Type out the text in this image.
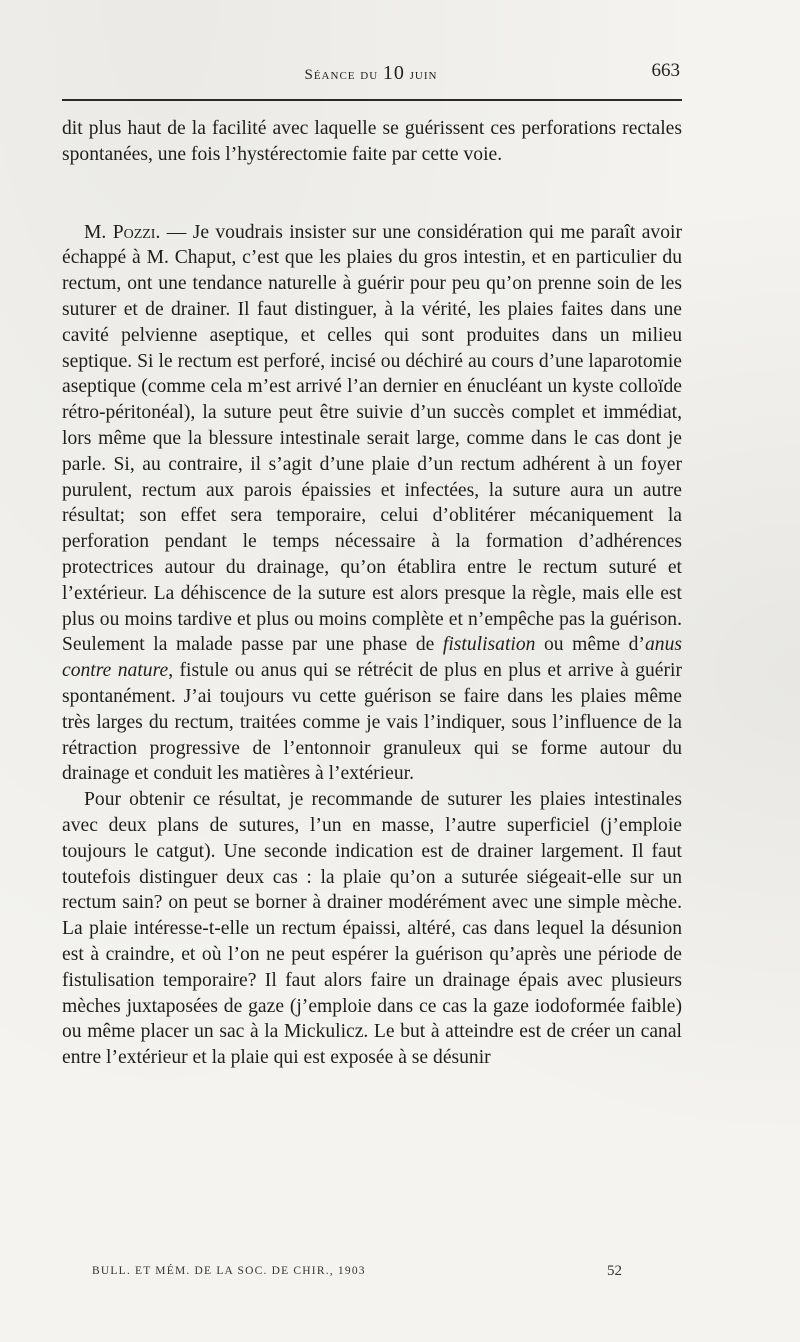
Séance du 10 juin	663

dit plus haut de la facilité avec laquelle se guérissent ces perforations rectales spontanées, une fois l’hystérectomie faite par cette voie.

M. Pozzi. — Je voudrais insister sur une considération qui me paraît avoir échappé à M. Chaput, c’est que les plaies du gros intestin, et en particulier du rectum, ont une tendance naturelle à guérir pour peu qu’on prenne soin de les suturer et de drainer. Il faut distinguer, à la vérité, les plaies faites dans une cavité pelvienne aseptique, et celles qui sont produites dans un milieu septique. Si le rectum est perforé, incisé ou déchiré au cours d’une laparotomie aseptique (comme cela m’est arrivé l’an dernier en énucléant un kyste colloïde rétro-péritonéal), la suture peut être suivie d’un succès complet et immédiat, lors même que la blessure intestinale serait large, comme dans le cas dont je parle. Si, au contraire, il s’agit d’une plaie d’un rectum adhérent à un foyer purulent, rectum aux parois épaissies et infectées, la suture aura un autre résultat; son effet sera temporaire, celui d’oblitérer mécaniquement la perforation pendant le temps nécessaire à la formation d’adhérences protectrices autour du drainage, qu’on établira entre le rectum suturé et l’extérieur. La déhiscence de la suture est alors presque la règle, mais elle est plus ou moins tardive et plus ou moins complète et n’empêche pas la guérison. Seulement la malade passe par une phase de fistulisation ou même d’anus contre nature, fistule ou anus qui se rétrécit de plus en plus et arrive à guérir spontanément. J’ai toujours vu cette guérison se faire dans les plaies même très larges du rectum, traitées comme je vais l’indiquer, sous l’influence de la rétraction progressive de l’entonnoir granuleux qui se forme autour du drainage et conduit les matières à l’extérieur.

Pour obtenir ce résultat, je recommande de suturer les plaies intestinales avec deux plans de sutures, l’un en masse, l’autre superficiel (j’emploie toujours le catgut). Une seconde indication est de drainer largement. Il faut toutefois distinguer deux cas : la plaie qu’on a suturée siégeait-elle sur un rectum sain? on peut se borner à drainer modérément avec une simple mèche. La plaie intéresse-t-elle un rectum épaissi, altéré, cas dans lequel la désunion est à craindre, et où l’on ne peut espérer la guérison qu’après une période de fistulisation temporaire? Il faut alors faire un drainage épais avec plusieurs mèches juxtaposées de gaze (j’emploie dans ce cas la gaze iodoformée faible) ou même placer un sac à la Mickulicz. Le but à atteindre est de créer un canal entre l’extérieur et la plaie qui est exposée à se désunir

BULL. ET MÉM. DE LA SOC. DE CHIR., 1903	52
